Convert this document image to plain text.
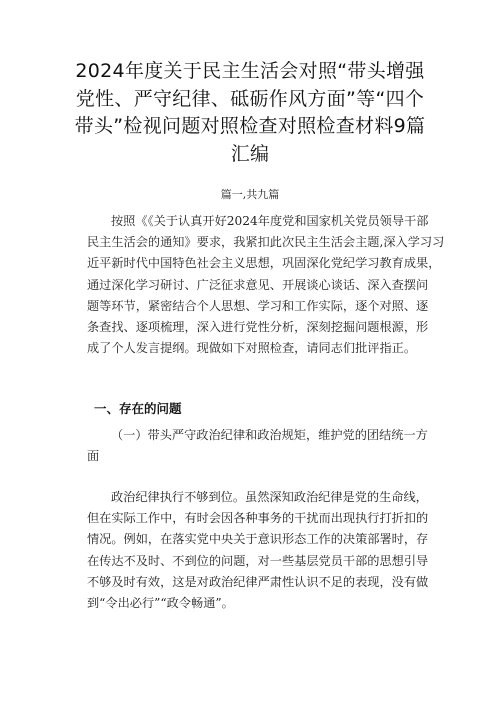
2024年度关于民主生活会对照“带头增强
党性、严守纪律、砥砺作风方面”等“四个
带头”检视问题对照检查对照检查材料9篇
汇编
篇一,共九篇
按照《《关于认真开好2024年度党和国家机关党员领导干部
民主生活会的通知》要求，我紧扣此次民主生活会主题,深入学习习
近平新时代中国特色社会主义思想，巩固深化党纪学习教育成果，
通过深化学习研讨、广泛征求意见、开展谈心谈话、深入查摆问
题等环节，紧密结合个人思想、学习和工作实际，逐个对照、逐
条查找、逐项梳理，深入进行党性分析，深刻挖掘问题根源，形
成了个人发言提纲。现做如下对照检查，请同志们批评指正。
一、存在的问题
（一）带头严守政治纪律和政治规矩，维护党的团结统一方
面
政治纪律执行不够到位。虽然深知政治纪律是党的生命线，
但在实际工作中，有时会因各种事务的干扰而出现执行打折扣的
情况。例如，在落实党中央关于意识形态工作的决策部署时，存
在传达不及时、不到位的问题，对一些基层党员干部的思想引导
不够及时有效，这是对政治纪律严肃性认识不足的表现，没有做
到“令出必行”“政令畅通”。
